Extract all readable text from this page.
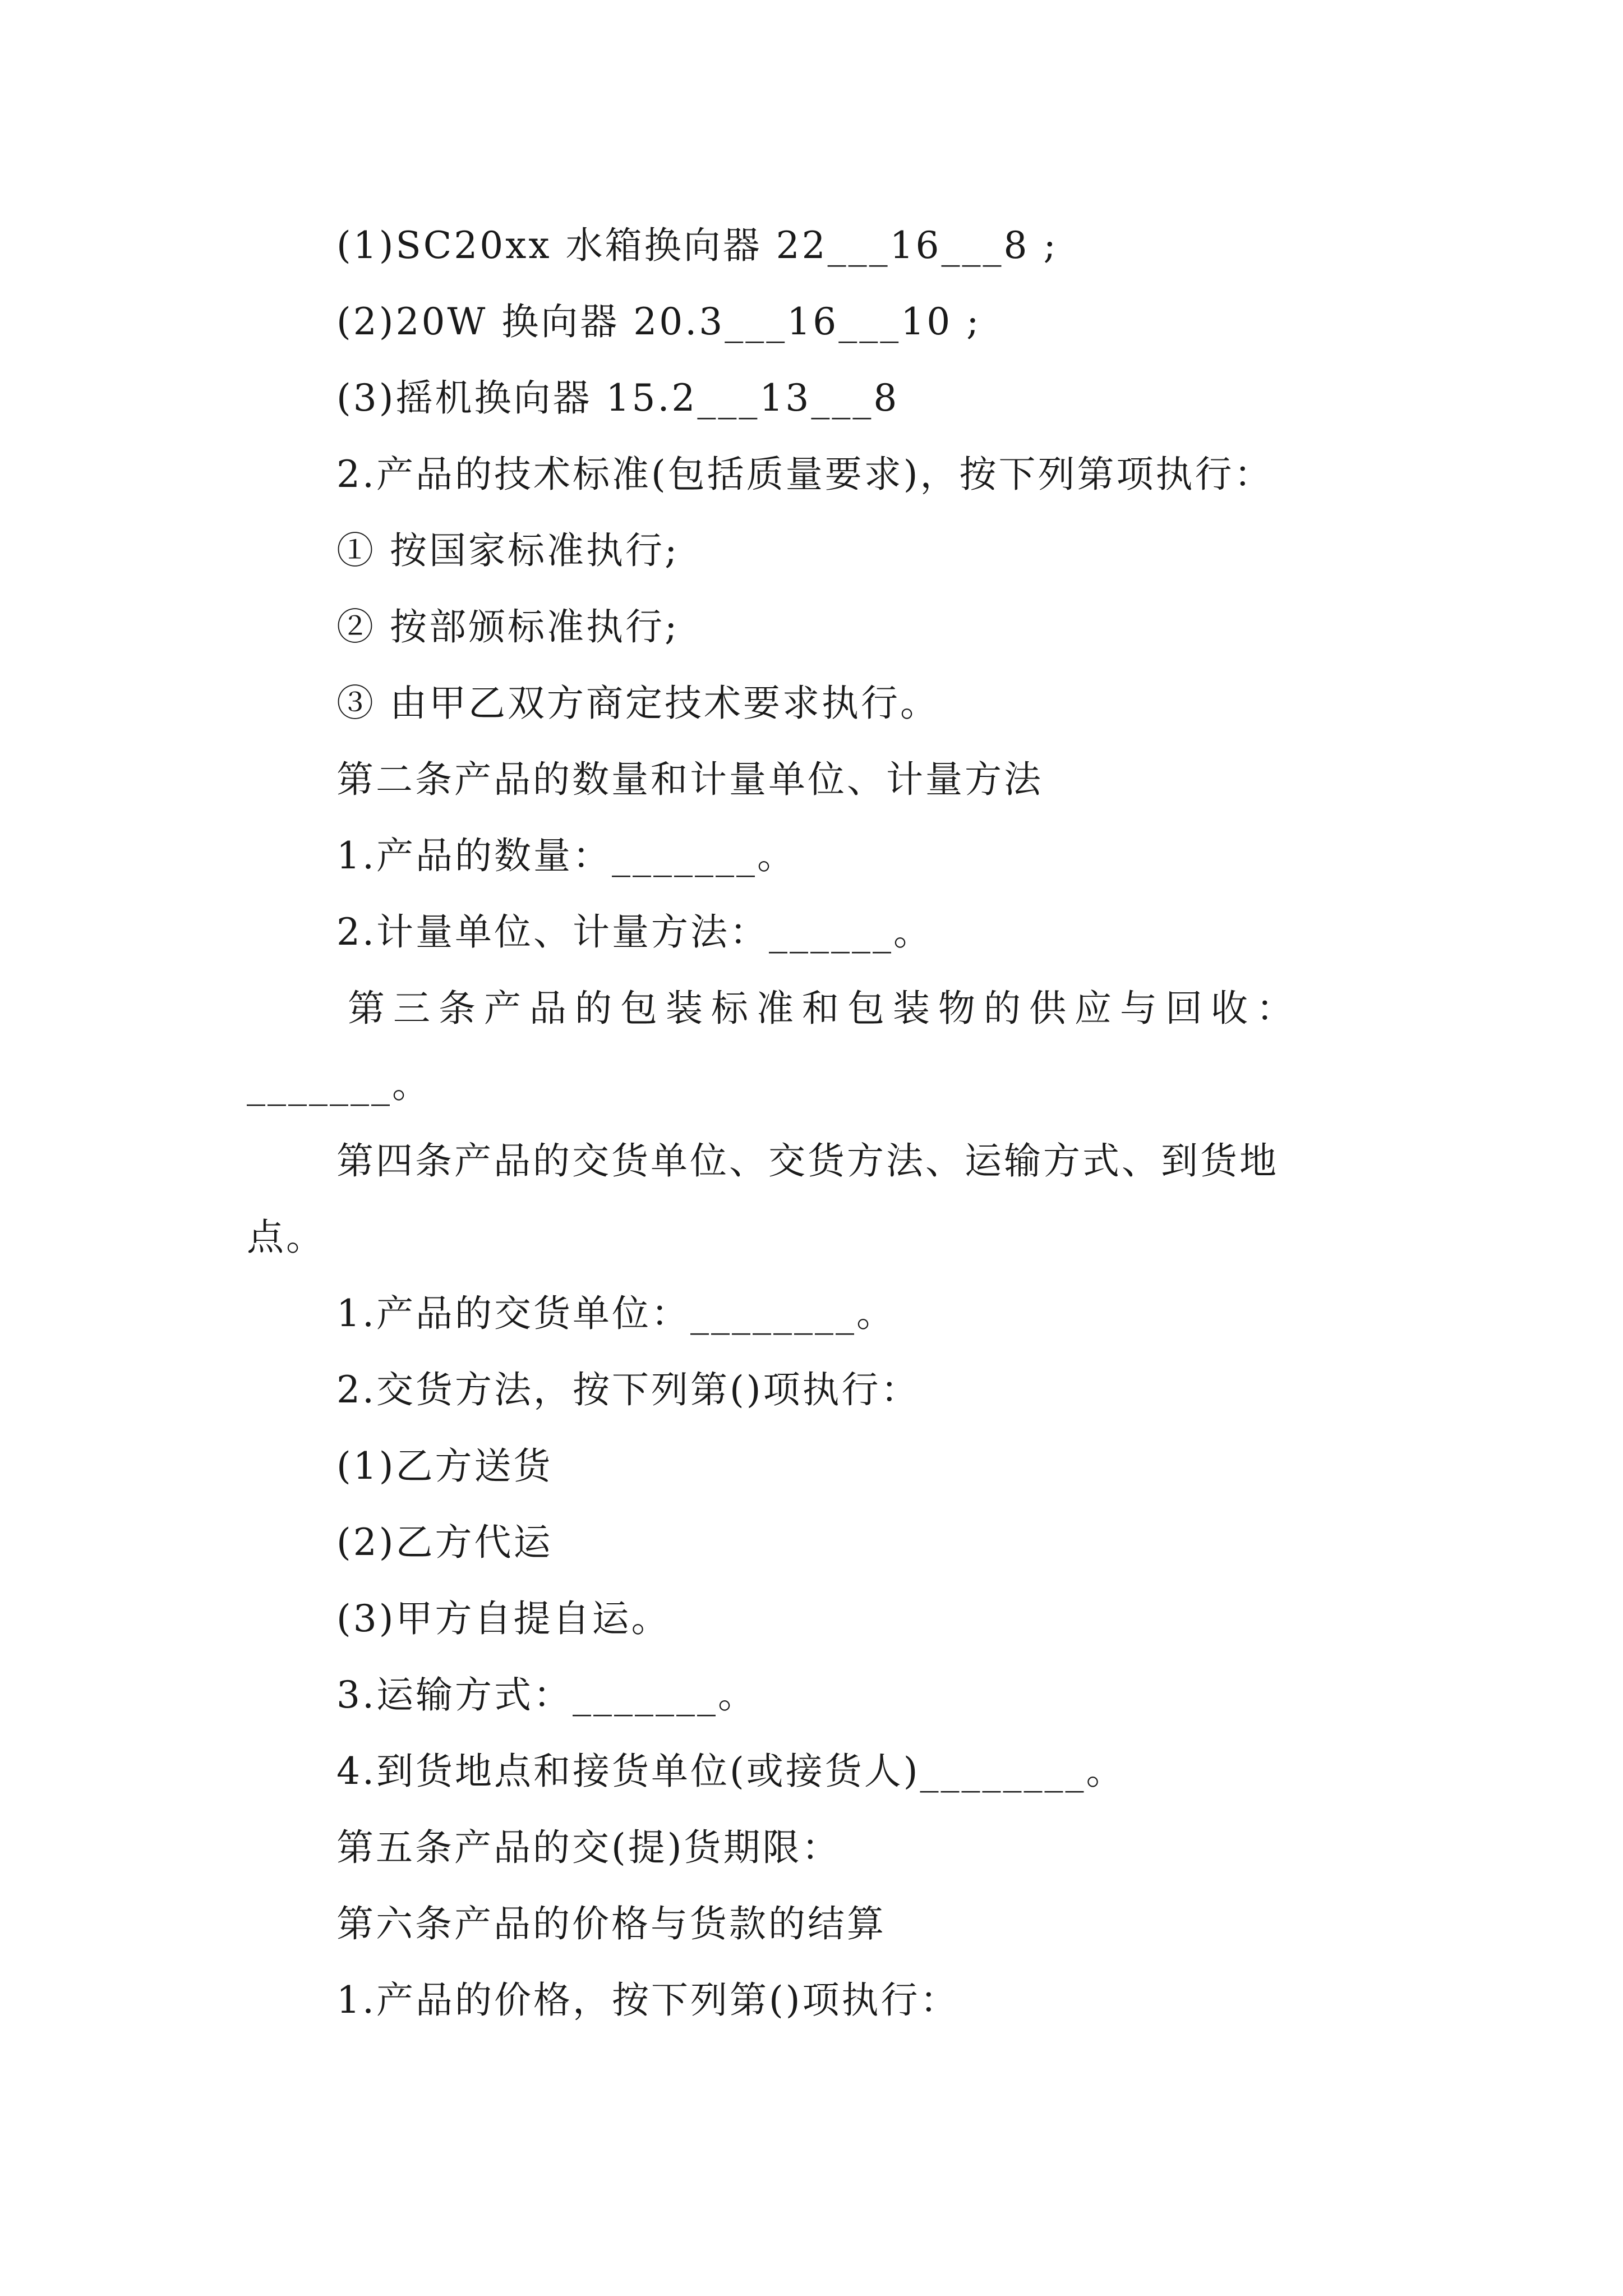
(1)SC20xx 水箱换向器 22___16___8 ;
(2)20W 换向器 20.3___16___10 ;
(3)摇机换向器 15.2___13___8
2.产品的技术标准(包括质量要求)，按下列第项执行：
① 按国家标准执行;
② 按部颁标准执行;
③ 由甲乙双方商定技术要求执行。
第二条产品的数量和计量单位、计量方法
1.产品的数量：_______。
2.计量单位、计量方法：______。
第三条产品的包装标准和包装物的供应与回收：
_______。
第四条产品的交货单位、交货方法、运输方式、到货地
点。
1.产品的交货单位：________。
2.交货方法，按下列第()项执行：
(1)乙方送货
(2)乙方代运
(3)甲方自提自运。
3.运输方式：_______。
4.到货地点和接货单位(或接货人)________。
第五条产品的交(提)货期限：
第六条产品的价格与货款的结算
1.产品的价格，按下列第()项执行：
